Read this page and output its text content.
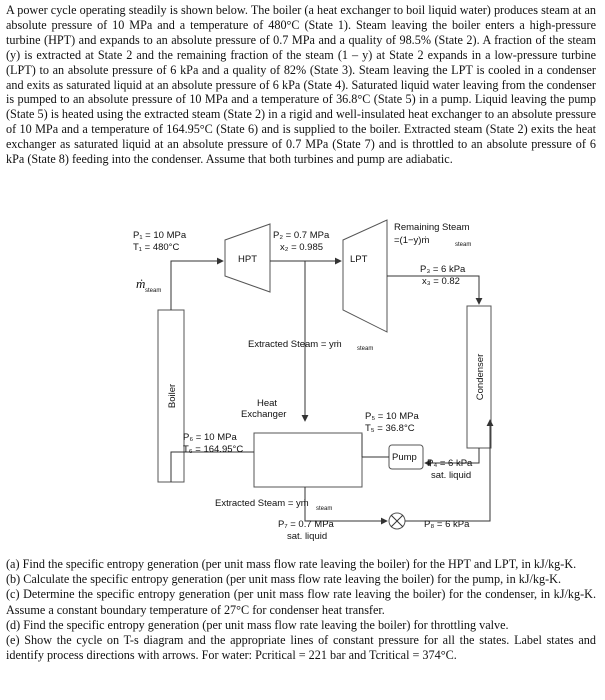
A power cycle operating steadily is shown below. The boiler (a heat exchanger to boil liquid water) produces steam at an absolute pressure of 10 MPa and a temperature of 480°C (State 1). Steam leaving the boiler enters a high-pressure turbine (HPT) and expands to an absolute pressure of 0.7 MPa and a quality of 98.5% (State 2). A fraction of the steam (y) is extracted at State 2 and the remaining fraction of the steam (1 – y) at State 2 expands in a low-pressure turbine (LPT) to an absolute pressure of 6 kPa and a quality of 82% (State 3). Steam leaving the LPT is cooled in a condenser and exits as saturated liquid at an absolute pressure of 6 kPa (State 4). Saturated liquid water leaving from the condenser is pumped to an absolute pressure of 10 MPa and a temperature of 36.8°C (State 5) in a pump. Liquid leaving the pump (State 5) is heated using the extracted steam (State 2) in a rigid and well-insulated heat exchanger to an absolute pressure of 10 MPa and a temperature of 164.95°C (State 6) and is supplied to the boiler. Extracted steam (State 2) exits the heat exchanger as saturated liquid at an absolute pressure of 0.7 MPa (State 7) and is throttled to an absolute pressure of 6 kPa (State 8) feeding into the condenser. Assume that both turbines and pump are adiabatic.
Boiler	Condenser
HPT	LPT
Heat
Exchanger
Pump
P₁ = 10 MPa
T₁ = 480°C
ṁ steam
P₂ = 0.7 MPa
x₂ = 0.985
Remaining Steam
=(1−y)ṁ	steam
P₃ = 6 kPa
x₃ = 0.82
Extracted Steam = yṁ	steam
P₆ = 10 MPa
T₆ = 164.95°C
P₅ = 10 MPa
T₅ = 36.8°C
P₄ = 6 kPa
sat. liquid
Extracted Steam = yṁ steam
P₇ = 0.7 MPa
sat. liquid
P₈ = 6 kPa
(a) Find the specific entropy generation (per unit mass flow rate leaving the boiler) for the HPT and LPT, in kJ/kg-K.
(b) Calculate the specific entropy generation (per unit mass flow rate leaving the boiler) for the pump, in kJ/kg-K.
(c) Determine the specific entropy generation (per unit mass flow rate leaving the boiler) for the condenser, in kJ/kg-K. Assume a constant boundary temperature of 27°C for condenser heat transfer.
(d) Find the specific entropy generation (per unit mass flow rate leaving the boiler) for throttling valve.
(e) Show the cycle on T-s diagram and the appropriate lines of constant pressure for all the states. Label states and identify process directions with arrows. For water: Pcritical = 221 bar and Tcritical = 374°C.
